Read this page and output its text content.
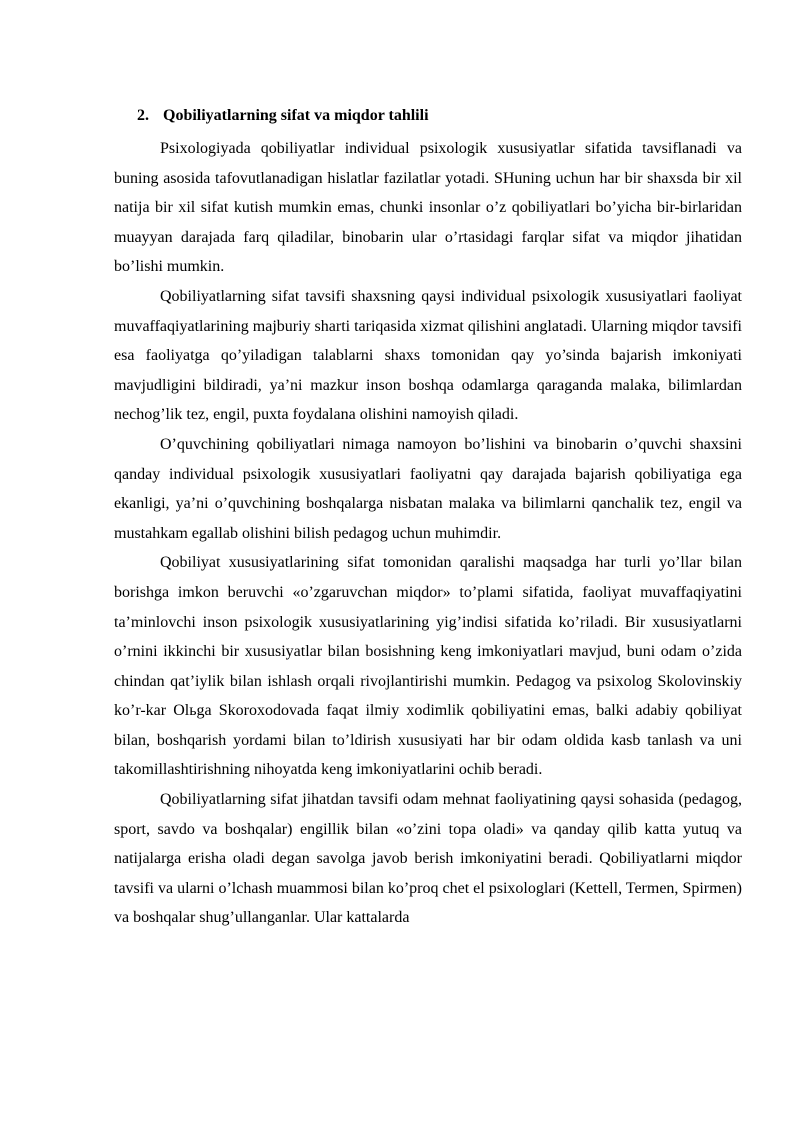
2. Qobiliyatlarning sifat va miqdor tahlili

Psixologiyada qobiliyatlar individual psixologik xususiyatlar sifatida tavsiflanadi va buning asosida tafovutlanadigan hislatlar fazilatlar yotadi. SHuning uchun har bir shaxsda bir xil natija bir xil sifat kutish mumkin emas, chunki insonlar o’z qobiliyatlari bo’yicha bir-birlaridan muayyan darajada farq qiladilar, binobarin ular o’rtasidagi farqlar sifat va miqdor jihatidan bo’lishi mumkin.

Qobiliyatlarning sifat tavsifi shaxsning qaysi individual psixologik xususiyatlari faoliyat muvaffaqiyatlarining majburiy sharti tariqasida xizmat qilishini anglatadi. Ularning miqdor tavsifi esa faoliyatga qo’yiladigan talablarni shaxs tomonidan qay yo’sinda bajarish imkoniyati mavjudligini bildiradi, ya’ni mazkur inson boshqa odamlarga qaraganda malaka, bilimlardan nechog’lik tez, engil, puxta foydalana olishini namoyish qiladi.

O’quvchining qobiliyatlari nimaga namoyon bo’lishini va binobarin o’quvchi shaxsini qanday individual psixologik xususiyatlari faoliyatni qay darajada bajarish qobiliyatiga ega ekanligi, ya’ni o’quvchining boshqalarga nisbatan malaka va bilimlarni qanchalik tez, engil va mustahkam egallab olishini bilish pedagog uchun muhimdir.

Qobiliyat xususiyatlarining sifat tomonidan qaralishi maqsadga har turli yo’llar bilan borishga imkon beruvchi «o’zgaruvchan miqdor» to’plami sifatida, faoliyat muvaffaqiyatini ta’minlovchi inson psixologik xususiyatlarining yig’indisi sifatida ko’riladi. Bir xususiyatlarni o’rnini ikkinchi bir xususiyatlar bilan bosishning keng imkoniyatlari mavjud, buni odam o’zida chindan qat’iylik bilan ishlash orqali rivojlantirishi mumkin. Pedagog va psixolog Skolovinskiy ko’r-kar Olьga Skoroxodovada faqat ilmiy xodimlik qobiliyatini emas, balki adabiy qobiliyat bilan, boshqarish yordami bilan to’ldirish xususiyati har bir odam oldida kasb tanlash va uni takomillashtirishning nihoyatda keng imkoniyatlarini ochib beradi.

Qobiliyatlarning sifat jihatdan tavsifi odam mehnat faoliyatining qaysi sohasida (pedagog, sport, savdo va boshqalar) engillik bilan «o’zini topa oladi» va qanday qilib katta yutuq va natijalarga erisha oladi degan savolga javob berish imkoniyatini beradi. Qobiliyatlarni miqdor tavsifi va ularni o’lchash muammosi bilan ko’proq chet el psixologlari (Kettell, Termen, Spirmen) va boshqalar shug’ullanganlar. Ular kattalarda
